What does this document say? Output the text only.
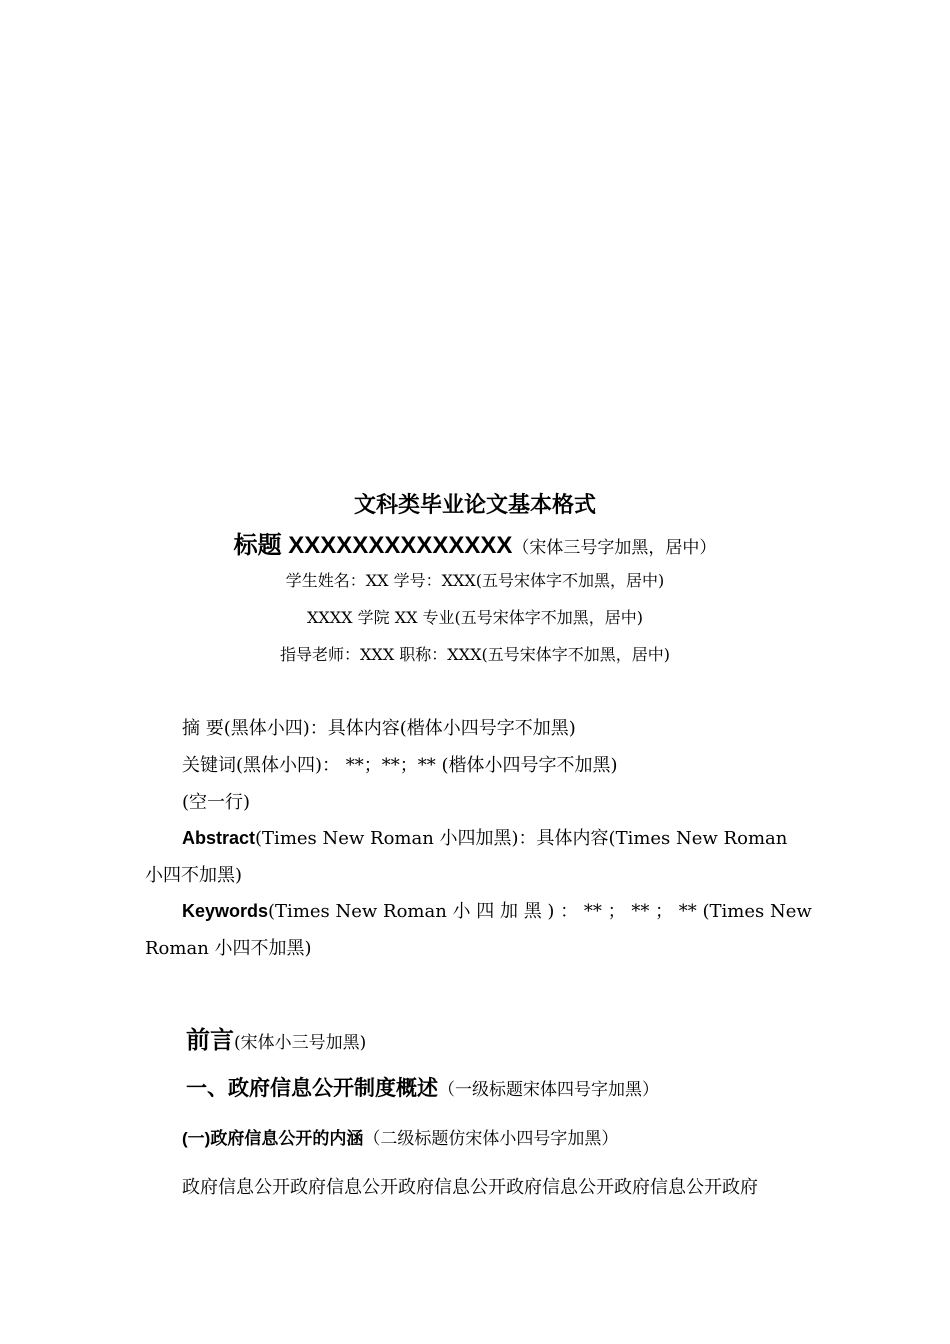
文科类毕业论文基本格式
标题 XXXXXXXXXXXXXX（宋体三号字加黑，居中）
学生姓名：XX 学号：XXX(五号宋体字不加黑，居中)
XXXX 学院 XX 专业(五号宋体字不加黑，居中)
指导老师：XXX 职称：XXX(五号宋体字不加黑，居中)
摘 要(黑体小四)：具体内容(楷体小四号字不加黑)
关键词(黑体小四)： **；**；** (楷体小四号字不加黑)
(空一行)
Abstract(Times New Roman 小四加黑)：具体内容(Times New Roman
小四不加黑)
Keywords(Times New Roman 小 四 加 黑 ) ： ** ； ** ； ** (Times New
Roman 小四不加黑)
前言(宋体小三号加黑)
一、政府信息公开制度概述（一级标题宋体四号字加黑）
(一)政府信息公开的内涵（二级标题仿宋体小四号字加黑）
政府信息公开政府信息公开政府信息公开政府信息公开政府信息公开政府
